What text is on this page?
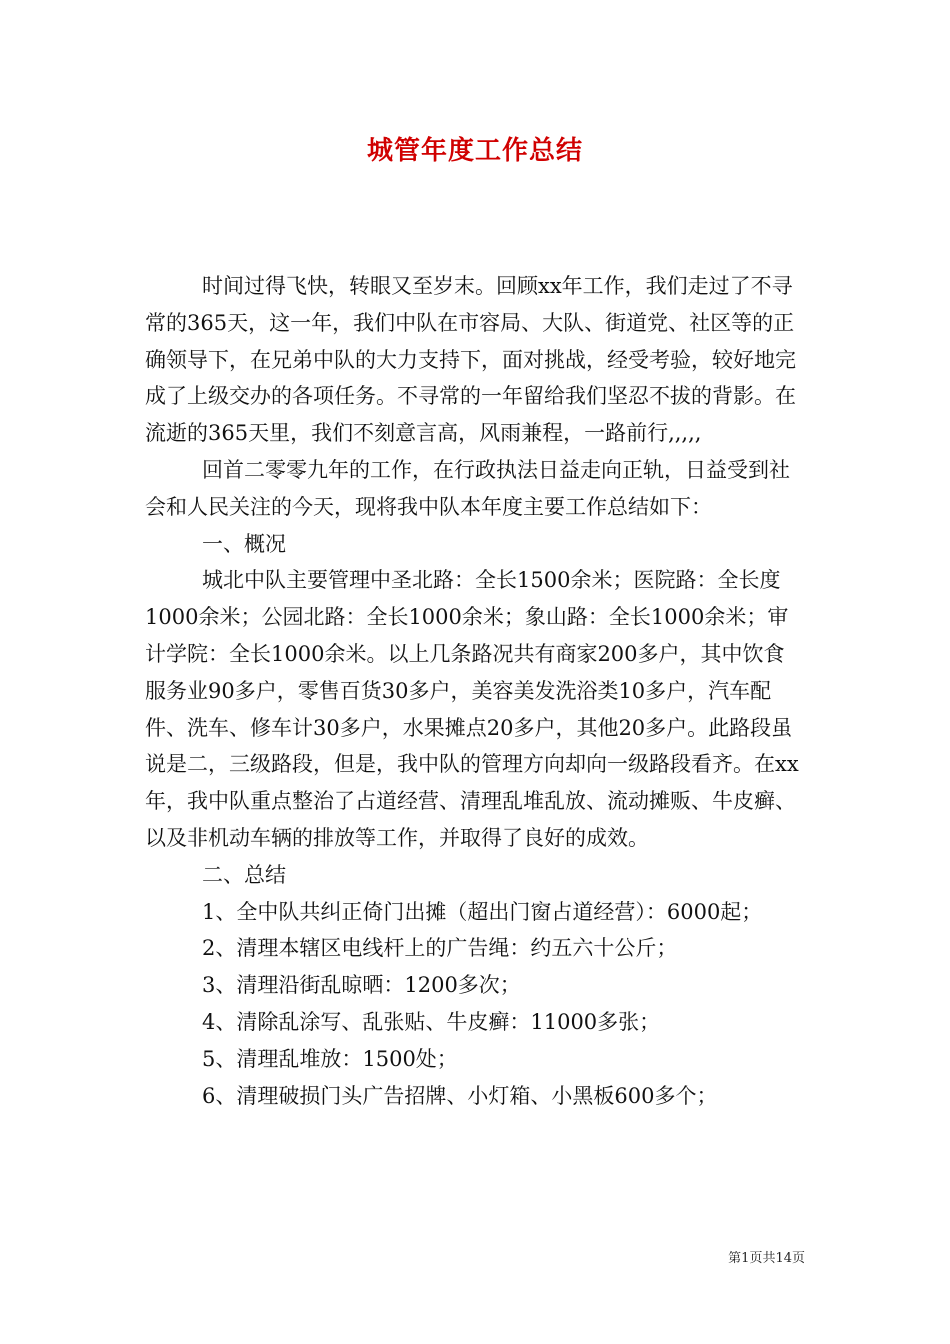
城管年度工作总结

时间过得飞快，转眼又至岁末。回顾xx年工作，我们走过了不寻常的365天，这一年，我们中队在市容局、大队、街道党、社区等的正确领导下，在兄弟中队的大力支持下，面对挑战，经受考验，较好地完成了上级交办的各项任务。不寻常的一年留给我们坚忍不拔的背影。在流逝的365天里，我们不刻意言高，风雨兼程，一路前行,,,,,

回首二零零九年的工作，在行政执法日益走向正轨，日益受到社会和人民关注的今天，现将我中队本年度主要工作总结如下：

一、概况

城北中队主要管理中圣北路：全长1500余米；医院路：全长度1000余米；公园北路：全长1000余米；象山路：全长1000余米；审计学院：全长1000余米。以上几条路况共有商家200多户，其中饮食服务业90多户，零售百货30多户，美容美发洗浴类10多户，汽车配件、洗车、修车计30多户，水果摊点20多户，其他20多户。此路段虽说是二，三级路段，但是，我中队的管理方向却向一级路段看齐。在xx年，我中队重点整治了占道经营、清理乱堆乱放、流动摊贩、牛皮癣、以及非机动车辆的排放等工作，并取得了良好的成效。

二、总结

1、全中队共纠正倚门出摊（超出门窗占道经营）：6000起；

2、清理本辖区电线杆上的广告绳：约五六十公斤；

3、清理沿街乱晾晒：1200多次；

4、清除乱涂写、乱张贴、牛皮癣：11000多张；

5、清理乱堆放：1500处；

6、清理破损门头广告招牌、小灯箱、小黑板600多个；

第1页共14页
